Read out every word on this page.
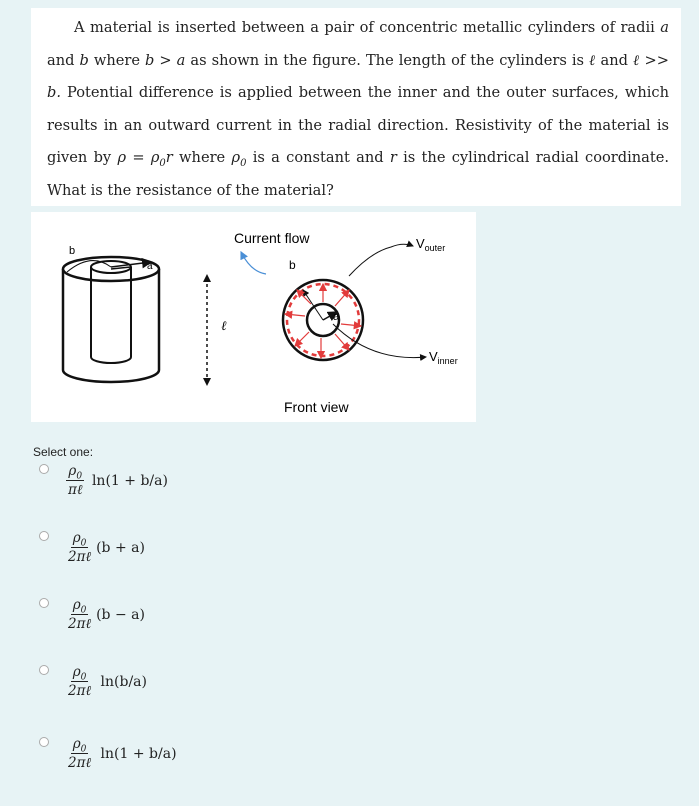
A material is inserted between a pair of concentric metallic cylinders of radii a and b where b > a as shown in the figure. The length of the cylinders is ℓ and ℓ >> b. Potential difference is applied between the inner and the outer surfaces, which results in an outward current in the radial direction. Resistivity of the material is given by $\rho = \rho_0r$ where $\rho_0$ is a constant and r is the cylindrical radial coordinate. What is the resistance of the material?

b
a
ℓ
Current flow
b
a
$V_{outer}$
$V_{inner}$
Front view
Select one:
$\frac{\rho_0}{\text{πℓ}} \ln(1 + b/a)$
$\frac{\rho_0}{\text{2πℓ}} (b + a)$
$\frac{\rho_0}{\text{2πℓ}} (b - a)$
$\frac{\rho_0}{\text{2πℓ}} \ln(b/a)$
$\frac{\rho_0}{\text{2πℓ}} \ln(1 + b/a)$
